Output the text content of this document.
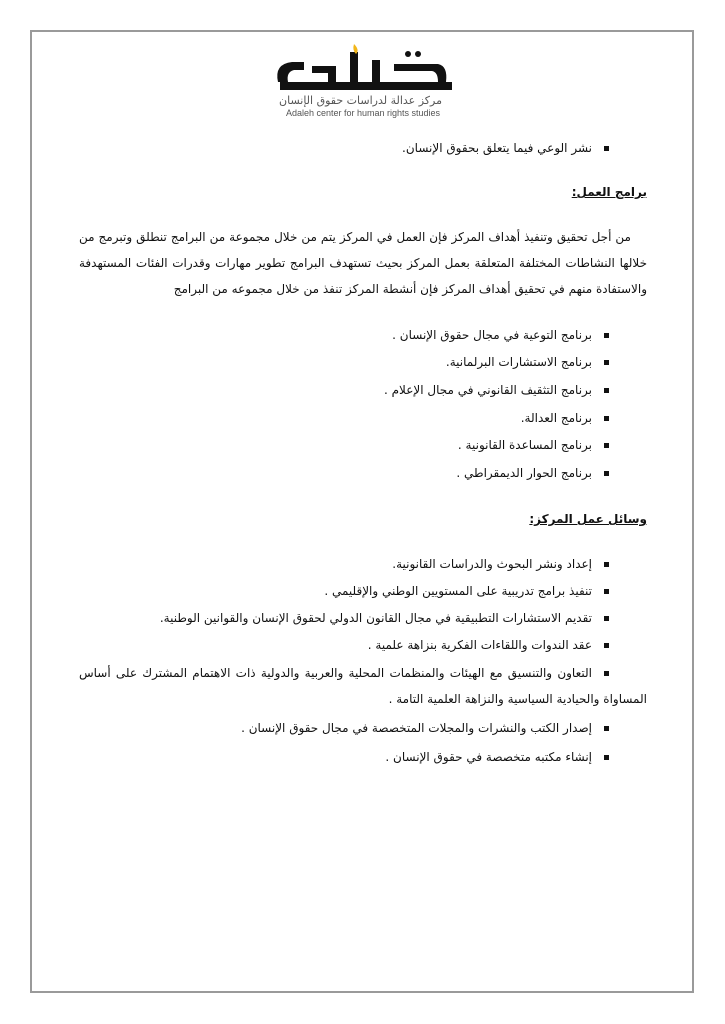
مركز عدالة لدراسات حقوق الإنسان
Adaleh center for human rights studies
نشر الوعي فيما يتعلق بحقوق الإنسان.
برامج العمل:
من أجل تحقيق وتنفيذ أهداف المركز فإن العمل في المركز يتم من خلال مجموعة من البرامج تنطلق وتبرمج من خلالها النشاطات المختلفة المتعلقة بعمل المركز بحيث تستهدف البرامج تطوير مهارات وقدرات الفئات المستهدفة والاستفادة منهم في تحقيق أهداف المركز فإن أنشطة المركز تنفذ من خلال مجموعه من البرامج
برنامج التوعية في مجال حقوق الإنسان .
برنامج الاستشارات البرلمانية.
برنامج التثقيف القانوني في مجال الإعلام .
برنامج العدالة.
برنامج المساعدة القانونية .
برنامج الحوار الديمقراطي .
وسائل عمل المركز:
إعداد ونشر البحوث والدراسات القانونية.
تنفيذ برامج تدريبية على المستويين الوطني والإقليمي .
تقديم الاستشارات التطبيقية في مجال القانون الدولي لحقوق الإنسان والقوانين الوطنية.
عقد الندوات واللقاءات الفكرية بنزاهة علمية .
التعاون والتنسيق مع الهيئات والمنظمات المحلية والعربية والدولية ذات الاهتمام المشترك على أساس المساواة والحيادية السياسية والنزاهة العلمية التامة .
إصدار الكتب والنشرات والمجلات المتخصصة في مجال حقوق الإنسان .
إنشاء مكتبه متخصصة في حقوق الإنسان .
